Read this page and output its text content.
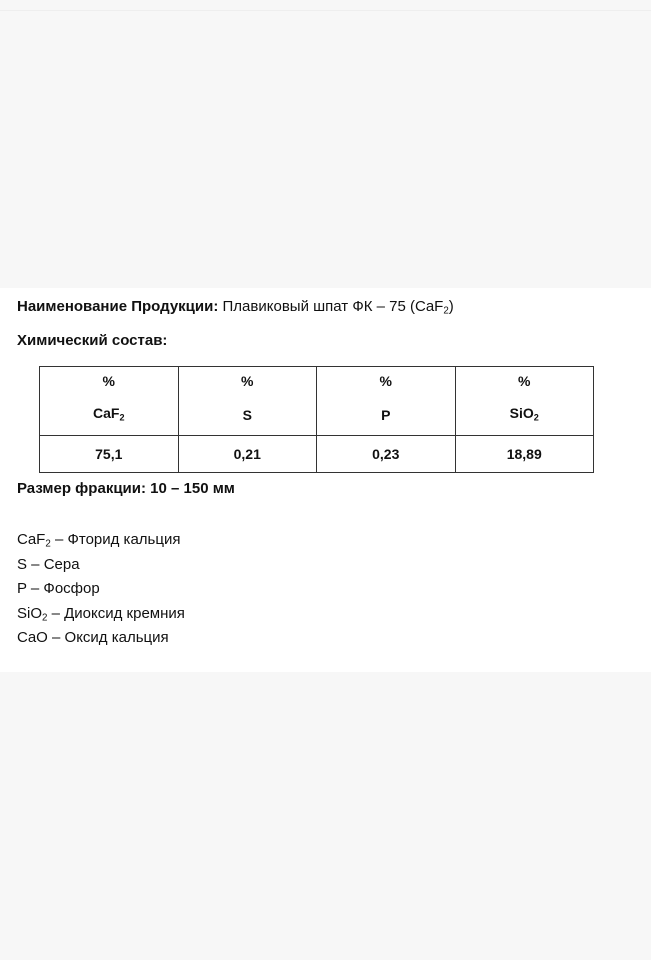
Наименование Продукции: Плавиковый шпат ФК – 75 (CaF$_2$)
Химический состав:
%	%	%	%
CaF$_2$	S	P	SiO$_2$
75,1	0,21	0,23	18,89
Размер фракции: 10 – 150 мм
CaF$_2$ – Фторид кальция
S – Сера
P – Фосфор
SiO$_2$ – Диоксид кремния
CaO – Оксид кальция
